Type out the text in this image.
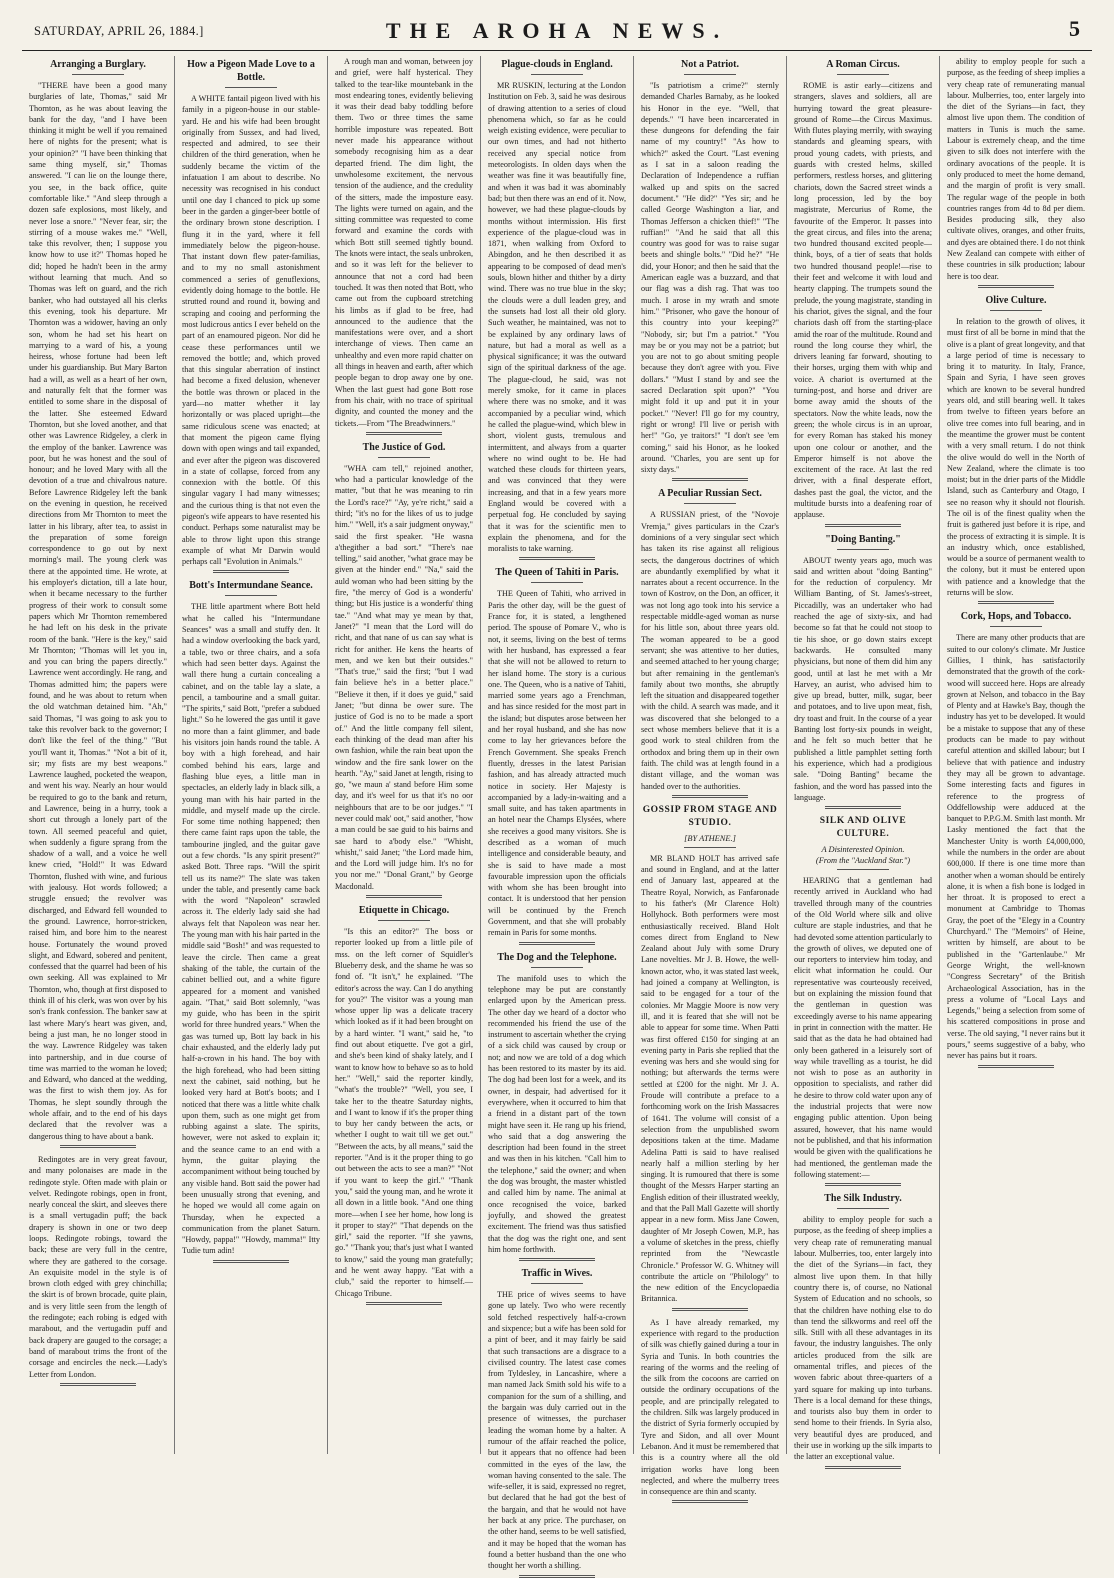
SATURDAY, APRIL 26, 1884.]	THE AROHA NEWS.	5
Arranging a Burglary.

"THERE have been a good many burglaries of late, Thomas," said Mr Thornton, as he was about leaving the bank for the day, "and I have been thinking it might be well if you remained here of nights for the present; what is your opinion?" "I have been thinking that same thing myself, sir," Thomas answered. "I can lie on the lounge there, you see, in the back office, quite comfortable like." "And sleep through a dozen safe explosions, most likely, and never lose a snore." "Never fear, sir; the stirring of a mouse wakes me." "Well, take this revolver, then; I suppose you know how to use it?" Thomas hoped he did; hoped he hadn't been in the army without learning that much. And so Thomas was left on guard, and the rich banker, who had outstayed all his clerks this evening, took his departure. Mr Thornton was a widower, having an only son, whom he had set his heart on marrying to a ward of his, a young heiress, whose fortune had been left under his guardianship. But Mary Barton had a will, as well as a heart of her own, and naturally felt that the former was entitled to some share in the disposal of the latter. She esteemed Edward Thornton, but she loved another, and that other was Lawrence Ridgeley, a clerk in the employ of the banker. Lawrence was poor, but he was honest and the soul of honour; and he loved Mary with all the devotion of a true and chivalrous nature. Before Lawrence Ridgeley left the bank on the evening in question, he received directions from Mr Thornton to meet the latter in his library, after tea, to assist in the preparation of some foreign correspondence to go out by next morning's mail. The young clerk was there at the appointed time. He wrote, at his employer's dictation, till a late hour, when it became necessary to the further progress of their work to consult some papers which Mr Thornton remembered he had left on his desk in the private room of the bank. "Here is the key," said Mr Thornton; "Thomas will let you in, and you can bring the papers directly." Lawrence went accordingly. He rang, and Thomas admitted him; the papers were found, and he was about to return when the old watchman detained him. "Ah," said Thomas, "I was going to ask you to take this revolver back to the governor; I don't like the feel of the thing." "But you'll want it, Thomas." "Not a bit of it, sir; my fists are my best weapons." Lawrence laughed, pocketed the weapon, and went his way. Nearly an hour would be required to go to the bank and return, and Lawrence, being in a hurry, took a short cut through a lonely part of the town. All seemed peaceful and quiet, when suddenly a figure sprang from the shadow of a wall, and a voice he well knew cried, "Hold!" It was Edward Thornton, flushed with wine, and furious with jealousy. Hot words followed; a struggle ensued; the revolver was discharged, and Edward fell wounded to the ground. Lawrence, horror-stricken, raised him, and bore him to the nearest house. Fortunately the wound proved slight, and Edward, sobered and penitent, confessed that the quarrel had been of his own seeking. All was explained to Mr Thornton, who, though at first disposed to think ill of his clerk, was won over by his son's frank confession. The banker saw at last where Mary's heart was given, and, being a just man, he no longer stood in the way. Lawrence Ridgeley was taken into partnership, and in due course of time was married to the woman he loved; and Edward, who danced at the wedding, was the first to wish them joy. As for Thomas, he slept soundly through the whole affair, and to the end of his days declared that the revolver was a dangerous thing to have about a bank.

Redingotes are in very great favour, and many polonaises are made in the redingote style. Often made with plain or velvet. Redingote robings, open in front, nearly conceal the skirt, and sleeves there is a small vertugadin puff; the back drapery is shown in one or two deep loops. Redingote robings, toward the back; these are very full in the centre, where they are gathered to the corsage. An exquisite model in the style is of brown cloth edged with grey chinchilla; the skirt is of brown brocade, quite plain, and is very little seen from the length of the redingote; each robing is edged with marabout, and the vertugadin puff and back drapery are gauged to the corsage; a band of marabout trims the front of the corsage and encircles the neck.—Lady's Letter from London.

How a Pigeon Made Love to a Bottle.

A WHITE fantail pigeon lived with his family in a pigeon-house in our stable-yard. He and his wife had been brought originally from Sussex, and had lived, respected and admired, to see their children of the third generation, when he suddenly became the victim of the infatuation I am about to describe. No necessity was recognised in his conduct until one day I chanced to pick up some beer in the garden a ginger-beer bottle of the ordinary brown stone description. I flung it in the yard, where it fell immediately below the pigeon-house. That instant down flew pater-familias, and to my no small astonishment commenced a series of genuflexions, evidently doing homage to the bottle. He strutted round and round it, bowing and scraping and cooing and performing the most ludicrous antics I ever beheld on the part of an enamoured pigeon. Nor did he cease these performances until we removed the bottle; and, which proved that this singular aberration of instinct had become a fixed delusion, whenever the bottle was thrown or placed in the yard—no matter whether it lay horizontally or was placed upright—the same ridiculous scene was enacted; at that moment the pigeon came flying down with open wings and tail expanded, and ever after the pigeon was discovered in a state of collapse, forced from any connexion with the bottle. Of this singular vagary I had many witnesses; and the curious thing is that not even the pigeon's wife appears to have resented his conduct. Perhaps some naturalist may be able to throw light upon this strange example of what Mr Darwin would perhaps call "Evolution in Animals."

Bott's Intermundane Seance.

THE little apartment where Bott held what he called his "Intermundane Seances" was a small and stuffy den. It had a window overlooking the back yard, a table, two or three chairs, and a sofa which had seen better days. Against the wall there hung a curtain concealing a cabinet, and on the table lay a slate, a pencil, a tambourine and a small guitar. "The spirits," said Bott, "prefer a subdued light." So he lowered the gas until it gave no more than a faint glimmer, and bade his visitors join hands round the table. A boy with a high forehead, and hair combed behind his ears, large and flashing blue eyes, a little man in spectacles, an elderly lady in black silk, a young man with his hair parted in the middle, and myself made up the circle. For some time nothing happened; then there came faint raps upon the table, the tambourine jingled, and the guitar gave out a few chords. "Is any spirit present?" asked Bott. Three raps. "Will the spirit tell us its name?" The slate was taken under the table, and presently came back with the word "Napoleon" scrawled across it. The elderly lady said she had always felt that Napoleon was near her. The young man with his hair parted in the middle said "Bosh!" and was requested to leave the circle. Then came a great shaking of the table, the curtain of the cabinet bellied out, and a white figure appeared for a moment and vanished again. "That," said Bott solemnly, "was my guide, who has been in the spirit world for three hundred years." When the gas was turned up, Bott lay back in his chair exhausted, and the elderly lady put half-a-crown in his hand. The boy with the high forehead, who had been sitting next the cabinet, said nothing, but he looked very hard at Bott's boots; and I noticed that there was a little white chalk upon them, such as one might get from rubbing against a slate. The spirits, however, were not asked to explain it; and the seance came to an end with a hymn, the guitar playing the accompaniment without being touched by any visible hand. Bott said the power had been unusually strong that evening, and he hoped we would all come again on Thursday, when he expected a communication from the planet Saturn. "Howdy, pappa!" "Howdy, mamma!" Itty Tudie tum adin!

A rough man and woman, between joy and grief, were half hysterical. They talked to the tear-like mountebank in the most endearing tones, evidently believing it was their dead baby toddling before them. Two or three times the same horrible imposture was repeated. Bott never made his appearance without somebody recognising him as a dear departed friend. The dim light, the unwholesome excitement, the nervous tension of the audience, and the credulity of the sitters, made the imposture easy. The lights were turned on again, and the sitting committee was requested to come forward and examine the cords with which Bott still seemed tightly bound. The knots were intact, the seals unbroken, and so it was left for the believer to announce that not a cord had been touched. It was then noted that Bott, who came out from the cupboard stretching his limbs as if glad to be free, had announced to the audience that the manifestations were over, and a short interchange of views. Then came an unhealthy and even more rapid chatter on all things in heaven and earth, after which people began to drop away one by one. When the last guest had gone Bott rose from his chair, with no trace of spiritual dignity, and counted the money and the tickets.—From "The Breadwinners."

The Justice of God.

"WHA cam tell," rejoined another, who had a particular knowledge of the matter, "but that he was meaning to rin the Lord's race?" "Ay, ye're richt," said a third; "it's no for the likes of us to judge him." "Well, it's a sair judgment onyway," said the first speaker. "He wasna a'thegither a bad sort." "There's nae telling," said another, "what grace may be given at the hinder end." "Na," said the auld woman who had been sitting by the fire, "the mercy of God is a wonderfu' thing; but His justice is a wonderfu' thing tae." "And what may ye mean by that, Janet?" "I mean that the Lord will do richt, and that nane of us can say what is richt for anither. He kens the hearts of men, and we ken but their outsides." "That's true," said the first; "but I wad fain believe he's in a better place." "Believe it then, if it does ye guid," said Janet; "but dinna be ower sure. The justice of God is no to be made a sport of." And the little company fell silent, each thinking of the dead man after his own fashion, while the rain beat upon the window and the fire sank lower on the hearth. "Ay," said Janet at length, rising to go, "we maun a' stand before Him some day, and it's weel for us that it's no oor neighbours that are to be oor judges." "I never could mak' oot," said another, "how a man could be sae guid to his bairns and sae hard to a'body else." "Whisht, whisht," said Janet; "the Lord made him, and the Lord will judge him. It's no for you nor me." "Donal Grant," by George Macdonald.

Etiquette in Chicago.

"Is this an editor?" The boss or reporter looked up from a little pile of mss. on the left corner of Squidler's Blueberry desk, and the shame he was so fond of. "It isn't," he explained. "The editor's across the way. Can I do anything for you?" The visitor was a young man whose upper lip was a delicate tracery which looked as if it had been brought on by a hard winter. "I want," said he, "to find out about etiquette. I've got a girl, and she's been kind of shaky lately, and I want to know how to behave so as to hold her." "Well," said the reporter kindly, "what's the trouble?" "Well, you see, I take her to the theatre Saturday nights, and I want to know if it's the proper thing to buy her candy between the acts, or whether I ought to wait till we get out." "Between the acts, by all means," said the reporter. "And is it the proper thing to go out between the acts to see a man?" "Not if you want to keep the girl." "Thank you," said the young man, and he wrote it all down in a little book. "And one thing more—when I see her home, how long is it proper to stay?" "That depends on the girl," said the reporter. "If she yawns, go." "Thank you; that's just what I wanted to know," said the young man gratefully; and he went away happy. "Eat with a club," said the reporter to himself.—Chicago Tribune.

Plague-clouds in England.

MR RUSKIN, lecturing at the London Institution on Feb. 3, said he was desirous of drawing attention to a series of cloud phenomena which, so far as he could weigh existing evidence, were peculiar to our own times, and had not hitherto received any special notice from meteorologists. In olden days when the weather was fine it was beautifully fine, and when it was bad it was abominably bad; but then there was an end of it. Now, however, we had these plague-clouds by months without intermission. His first experience of the plague-cloud was in 1871, when walking from Oxford to Abingdon, and he then described it as appearing to be composed of dead men's souls, blown hither and thither by a dirty wind. There was no true blue in the sky; the clouds were a dull leaden grey, and the sunsets had lost all their old glory. Such weather, he maintained, was not to be explained by any ordinary laws of nature, but had a moral as well as a physical significance; it was the outward sign of the spiritual darkness of the age. The plague-cloud, he said, was not merely smoke, for it came in places where there was no smoke, and it was accompanied by a peculiar wind, which he called the plague-wind, which blew in short, violent gusts, tremulous and intermittent, and always from a quarter where no wind ought to be. He had watched these clouds for thirteen years, and was convinced that they were increasing, and that in a few years more England would be covered with a perpetual fog. He concluded by saying that it was for the scientific men to explain the phenomena, and for the moralists to take warning.

The Queen of Tahiti in Paris.

THE Queen of Tahiti, who arrived in Paris the other day, will be the guest of France for, it is stated, a lengthened period. The spouse of Pomare V., who is not, it seems, living on the best of terms with her husband, has expressed a fear that she will not be allowed to return to her island home. The story is a curious one. The Queen, who is a native of Tahiti, married some years ago a Frenchman, and has since resided for the most part in the island; but disputes arose between her and her royal husband, and she has now come to lay her grievances before the French Government. She speaks French fluently, dresses in the latest Parisian fashion, and has already attracted much notice in society. Her Majesty is accompanied by a lady-in-waiting and a small suite, and has taken apartments in an hotel near the Champs Elysées, where she receives a good many visitors. She is described as a woman of much intelligence and considerable beauty, and she is said to have made a most favourable impression upon the officials with whom she has been brought into contact. It is understood that her pension will be continued by the French Government, and that she will probably remain in Paris for some months.

The Dog and the Telephone.

The manifold uses to which the telephone may be put are constantly enlarged upon by the American press. The other day we heard of a doctor who recommended his friend the use of the instrument to ascertain whether the crying of a sick child was caused by croup or not; and now we are told of a dog which has been restored to its master by its aid. The dog had been lost for a week, and its owner, in despair, had advertised for it everywhere, when it occurred to him that a friend in a distant part of the town might have seen it. He rang up his friend, who said that a dog answering the description had been found in the street and was then in his kitchen. "Call him to the telephone," said the owner; and when the dog was brought, the master whistled and called him by name. The animal at once recognised the voice, barked joyfully, and showed the greatest excitement. The friend was thus satisfied that the dog was the right one, and sent him home forthwith.

Traffic in Wives.

THE price of wives seems to have gone up lately. Two who were recently sold fetched respectively half-a-crown and sixpence; but a wife has been sold for a pint of beer, and it may fairly be said that such transactions are a disgrace to a civilised country. The latest case comes from Tyldesley, in Lancashire, where a man named Jack Smith sold his wife to a companion for the sum of a shilling, and the bargain was duly carried out in the presence of witnesses, the purchaser leading the woman home by a halter. A rumour of the affair reached the police, but it appears that no offence had been committed in the eyes of the law, the woman having consented to the sale. The wife-seller, it is said, expressed no regret, but declared that he had got the best of the bargain, and that he would not have her back at any price. The purchaser, on the other hand, seems to be well satisfied, and it may be hoped that the woman has found a better husband than the one who thought her worth a shilling.

Not a Patriot.

"Is patriotism a crime?" sternly demanded Charles Barnaby, as he looked his Honor in the eye. "Well, that depends." "I have been incarcerated in these dungeons for defending the fair name of my country!" "As how to which?" asked the Court. "Last evening as I sat in a saloon reading the Declaration of Independence a ruffian walked up and spits on the sacred document." "He did?" "Yes sir; and he called George Washington a liar, and Thomas Jefferson a chicken thief!" "The ruffian!" "And he said that all this country was good for was to raise sugar beets and shingle bolts." "Did he?" "He did, your Honor; and then he said that the American eagle was a buzzard, and that our flag was a dish rag. That was too much. I arose in my wrath and smote him." "Prisoner, who gave the honour of this country into your keeping?" "Nobody, sir; but I'm a patriot." "You may be or you may not be a patriot; but you are not to go about smiting people because they don't agree with you. Five dollars." "Must I stand by and see the sacred Declaration spit upon?" "You might fold it up and put it in your pocket." "Never! I'll go for my country, right or wrong! I'll live or perish with her!" "Go, ye traitors!" "I don't see 'em coming," said his Honor, as he looked around. "Charles, you are sent up for sixty days."

A Peculiar Russian Sect.

A RUSSIAN priest, of the "Novoje Vremja," gives particulars in the Czar's dominions of a very singular sect which has taken its rise against all religious sects, the dangerous doctrines of which are abundantly exemplified by what it narrates about a recent occurrence. In the town of Kostrov, on the Don, an officer, it was not long ago took into his service a respectable middle-aged woman as nurse for his little son, about three years old. The woman appeared to be a good servant; she was attentive to her duties, and seemed attached to her young charge; but after remaining in the gentleman's family about two months, she abruptly left the situation and disappeared together with the child. A search was made, and it was discovered that she belonged to a sect whose members believe that it is a good work to steal children from the orthodox and bring them up in their own faith. The child was at length found in a distant village, and the woman was handed over to the authorities.

GOSSIP FROM STAGE AND STUDIO.
[BY ATHENE.]

MR BLAND HOLT has arrived safe and sound in England, and at the latter end of January last, appeared at the Theatre Royal, Norwich, as Fanfaronade to his father's (Mr Clarence Holt) Hollyhock. Both performers were most enthusiastically received. Bland Holt comes direct from England to New Zealand about July with some Drury Lane novelties. Mr J. B. Howe, the well-known actor, who, it was stated last week, had joined a company at Wellington, is said to be engaged for a tour of the colonies. Mr Maggie Moore is now very ill, and it is feared that she will not be able to appear for some time. When Patti was first offered £150 for singing at an evening party in Paris she replied that the evening was hers and she would sing for nothing; but afterwards the terms were settled at £200 for the night. Mr J. A. Froude will contribute a preface to a forthcoming work on the Irish Massacres of 1641. The volume will consist of a selection from the unpublished sworn depositions taken at the time. Madame Adelina Patti is said to have realised nearly half a million sterling by her singing. It is rumoured that there is some thought of the Messrs Harper starting an English edition of their illustrated weekly, and that the Pall Mall Gazette will shortly appear in a new form. Miss Jane Cowen, daughter of Mr Joseph Cowen, M.P., has a volume of sketches in the press, chiefly reprinted from the "Newcastle Chronicle." Professor W. G. Whitney will contribute the article on "Philology" to the new edition of the Encyclopaedia Britannica.

As I have already remarked, my experience with regard to the production of silk was chiefly gained during a tour in Syria and Tunis. In both countries the rearing of the worms and the reeling of the silk from the cocoons are carried on outside the ordinary occupations of the people, and are principally relegated to the children. Silk was largely produced in the district of Syria formerly occupied by Tyre and Sidon, and all over Mount Lebanon. And it must be remembered that this is a country where all the old irrigation works have long been neglected, and where the mulberry trees in consequence are thin and scanty.

A Roman Circus.

ROME is astir early—citizens and strangers, slaves and soldiers, all are hurrying toward the great pleasure-ground of Rome—the Circus Maximus. With flutes playing merrily, with swaying standards and gleaming spears, with proud young cadets, with priests, and guards with crested helms, skilled performers, restless horses, and glittering chariots, down the Sacred street winds a long procession, led by the boy magistrate, Mercurius of Rome, the favourite of the Emperor. It passes into the great circus, and files into the arena; two hundred thousand excited people—think, boys, of a tier of seats that holds two hundred thousand people!—rise to their feet and welcome it with loud and hearty clapping. The trumpets sound the prelude, the young magistrate, standing in his chariot, gives the signal, and the four chariots dash off from the starting-place amid the roar of the multitude. Round and round the long course they whirl, the drivers leaning far forward, shouting to their horses, urging them with whip and voice. A chariot is overturned at the turning-post, and horse and driver are borne away amid the shouts of the spectators. Now the white leads, now the green; the whole circus is in an uproar, for every Roman has staked his money upon one colour or another, and the Emperor himself is not above the excitement of the race. At last the red driver, with a final desperate effort, dashes past the goal, the victor, and the multitude bursts into a deafening roar of applause.

"Doing Banting."

ABOUT twenty years ago, much was said and written about "doing Banting" for the reduction of corpulency. Mr William Banting, of St. James's-street, Piccadilly, was an undertaker who had reached the age of sixty-six, and had become so fat that he could not stoop to tie his shoe, or go down stairs except backwards. He consulted many physicians, but none of them did him any good, until at last he met with a Mr Harvey, an aurist, who advised him to give up bread, butter, milk, sugar, beer and potatoes, and to live upon meat, fish, dry toast and fruit. In the course of a year Banting lost forty-six pounds in weight, and he felt so much better that he published a little pamphlet setting forth his experience, which had a prodigious sale. "Doing Banting" became the fashion, and the word has passed into the language.

SILK AND OLIVE CULTURE.
A Disinterested Opinion.
(From the "Auckland Star.")

HEARING that a gentleman had recently arrived in Auckland who had travelled through many of the countries of the Old World where silk and olive culture are staple industries, and that he had devoted some attention particularly to the growth of olives, we deputed one of our reporters to interview him today, and elicit what information he could. Our representative was courteously received, but on explaining the mission found that the gentleman in question was exceedingly averse to his name appearing in print in connection with the matter. He said that as the data he had obtained had only been gathered in a leisurely sort of way while travelling as a tourist, he did not wish to pose as an authority in opposition to specialists, and rather did he desire to throw cold water upon any of the industrial projects that were now engaging public attention. Upon being assured, however, that his name would not be published, and that his information would be given with the qualifications he had mentioned, the gentleman made the following statement:—

The Silk Industry.

ability to employ people for such a purpose, as the feeding of sheep implies a very cheap rate of remunerating manual labour. Mulberries, too, enter largely into the diet of the Syrians—in fact, they almost live upon them. In that hilly country there is, of course, no National System of Education and no schools, so that the children have nothing else to do than tend the silkworms and reel off the silk. Still with all these advantages in its favour, the industry languishes. The only articles produced from the silk are ornamental trifles, and pieces of the woven fabric about three-quarters of a yard square for making up into turbans. There is a local demand for these things, and tourists also buy them in order to send home to their friends. In Syria also, very beautiful dyes are produced, and their use in working up the silk imparts to the latter an exceptional value.

ability to employ people for such a purpose, as the feeding of sheep implies a very cheap rate of remunerating manual labour. Mulberries, too, enter largely into the diet of the Syrians—in fact, they almost live upon them. The condition of matters in Tunis is much the same. Labour is extremely cheap, and the time given to silk does not interfere with the ordinary avocations of the people. It is only produced to meet the home demand, and the margin of profit is very small. The regular wage of the people in both countries ranges from 4d to 8d per diem. Besides producing silk, they also cultivate olives, oranges, and other fruits, and dyes are obtained there. I do not think New Zealand can compete with either of these countries in silk production; labour here is too dear.

Olive Culture.

In relation to the growth of olives, it must first of all be borne in mind that the olive is a plant of great longevity, and that a large period of time is necessary to bring it to maturity. In Italy, France, Spain and Syria, I have seen groves which are known to be several hundred years old, and still bearing well. It takes from twelve to fifteen years before an olive tree comes into full bearing, and in the meantime the grower must be content with a very small return. I do not think the olive would do well in the North of New Zealand, where the climate is too moist; but in the drier parts of the Middle Island, such as Canterbury and Otago, I see no reason why it should not flourish. The oil is of the finest quality when the fruit is gathered just before it is ripe, and the process of extracting it is simple. It is an industry which, once established, would be a source of permanent wealth to the colony, but it must be entered upon with patience and a knowledge that the returns will be slow.

Cork, Hops, and Tobacco.

There are many other products that are suited to our colony's climate. Mr Justice Gillies, I think, has satisfactorily demonstrated that the growth of the cork-wood will succeed here. Hops are already grown at Nelson, and tobacco in the Bay of Plenty and at Hawke's Bay, though the industry has yet to be developed. It would be a mistake to suppose that any of these products can be made to pay without careful attention and skilled labour; but I believe that with patience and industry they may all be grown to advantage. Some interesting facts and figures in reference to the progress of Oddfellowship were adduced at the banquet to P.P.G.M. Smith last month. Mr Lasky mentioned the fact that the Manchester Unity is worth £4,000,000, while the numbers in the order are about 600,000. If there is one time more than another when a woman should be entirely alone, it is when a fish bone is lodged in her throat. It is proposed to erect a monument at Cambridge to Thomas Gray, the poet of the "Elegy in a Country Churchyard." The "Memoirs" of Heine, written by himself, are about to be published in the "Gartenlaube." Mr George Wright, the well-known "Congress Secretary" of the British Archaeological Association, has in the press a volume of "Local Lays and Legends," being a selection from some of his scattered compositions in prose and verse. The old saying, "I never rains but it pours," seems suggestive of a baby, who never has pains but it roars.
